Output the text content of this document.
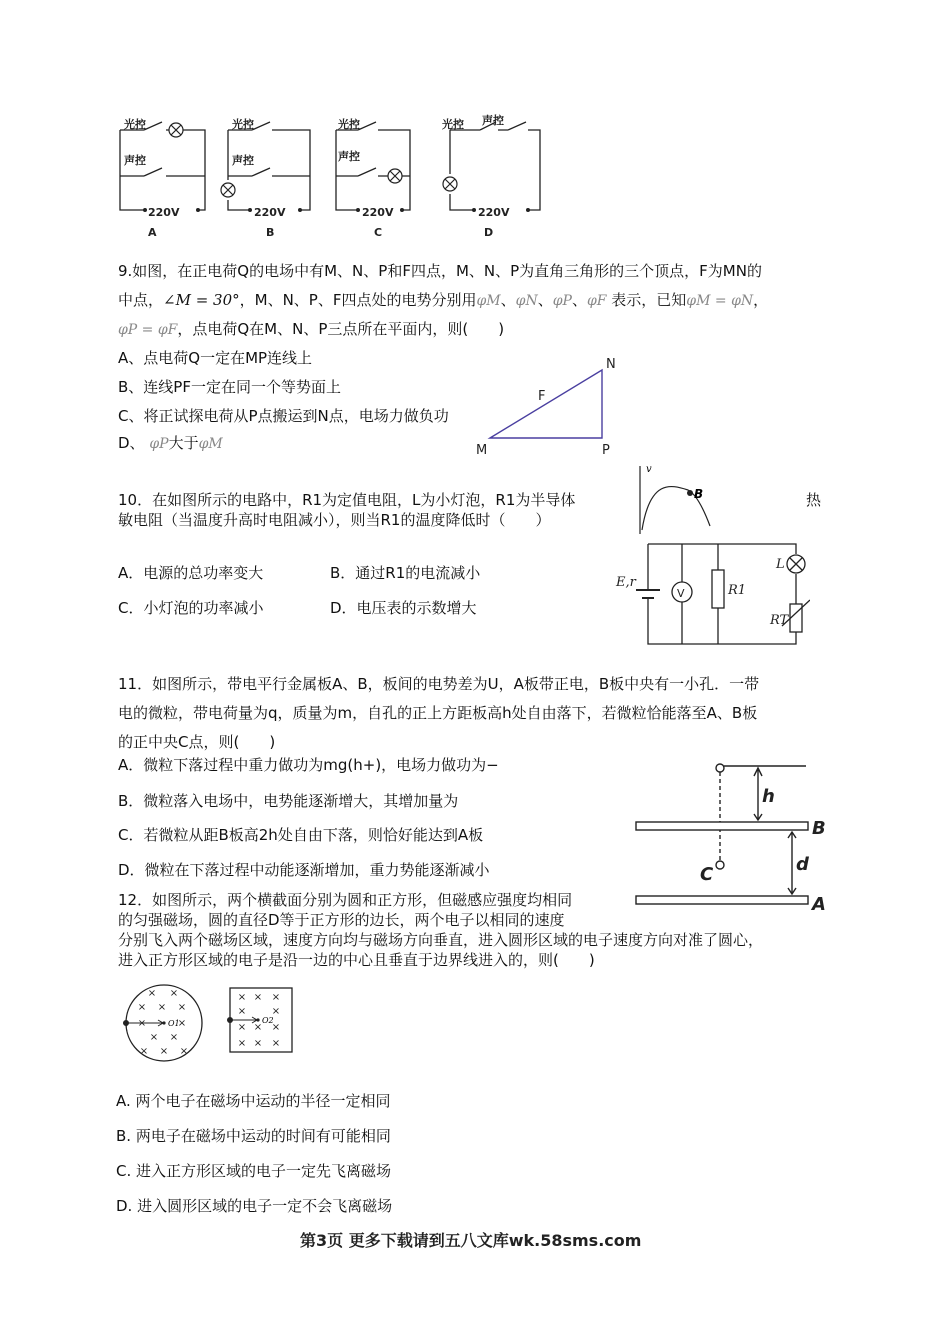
光控
声控
220V
光控
声控
220V
光控
声控
220V
光控 声控
220V
A	B	C	D
9.如图，在正电荷Q的电场中有M、N、P和F四点，M、N、P为直角三角形的三个顶点，F为MN的
中点，∠M = 30°，M、N、P、F四点处的电势分别用φM、φN、φP、φF 表示，已知φM = φN，
φP = φF，点电荷Q在M、N、P三点所在平面内，则(　　)
A、点电荷Q一定在MP连线上
B、连线PF一定在同一个等势面上
C、将正试探电荷从P点搬运到N点，电场力做负功
D、 φP大于φM
N
F
M	P
10．在如图所示的电路中，R1为定值电阻，L为小灯泡，R1为半导体	热
敏电阻（当温度升高时电阻减小），则当R1的温度降低时（　　）
A．电源的总功率变大	B．通过R1的电流减小
C．小灯泡的功率减小	D．电压表的示数增大
v
B
E,r
V	R1
L
RT
11．如图所示，带电平行金属板A、B，板间的电势差为U，A板带正电，B板中央有一小孔．一带
电的微粒，带电荷量为q，质量为m，自孔的正上方距板高h处自由落下，若微粒恰能落至A、B板
的正中央C点，则(　　)
A．微粒下落过程中重力做功为mg(h+)，电场力做功为−
B．微粒落入电场中，电势能逐渐增大，其增加量为
C．若微粒从距B板高2h处自由下落，则恰好能达到A板
D．微粒在下落过程中动能逐渐增加，重力势能逐渐减小
h
B
C	d
A
12．如图所示，两个横截面分别为圆和正方形，但磁感应强度均相同
的匀强磁场，圆的直径D等于正方形的边长，两个电子以相同的速度
分别飞入两个磁场区域，速度方向均与磁场方向垂直，进入圆形区域的电子速度方向对准了圆心，
进入正方形区域的电子是沿一边的中心且垂直于边界线进入的，则(　　)
× ×
× × ×
×	×
× ×
× × ×
× × ×
×	×
× × ×
× × ×
O1	O2
A. 两个电子在磁场中运动的半径一定相同
B. 两电子在磁场中运动的时间有可能相同
C. 进入正方形区域的电子一定先飞离磁场
D. 进入圆形区域的电子一定不会飞离磁场
第3页 更多下载请到五八文库wk.58sms.com
